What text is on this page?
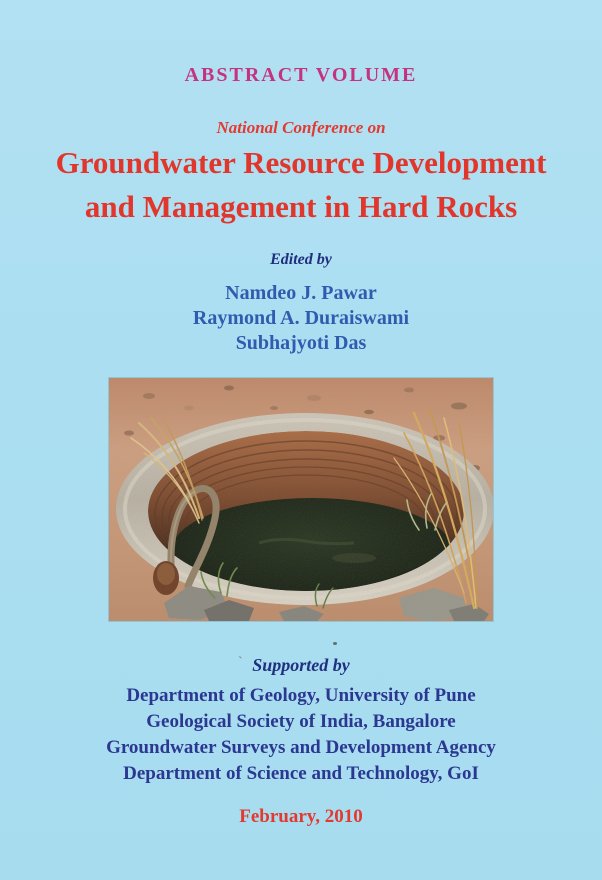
ABSTRACT VOLUME
National Conference on
Groundwater Resource Development
and Management in Hard Rocks
Edited by
Namdeo J. Pawar
Raymond A. Duraiswami
Subhajyoti Das
` Supported by
Department of Geology, University of Pune
Geological Society of India, Bangalore
Groundwater Surveys and Development Agency
Department of Science and Technology, GoI
February, 2010
